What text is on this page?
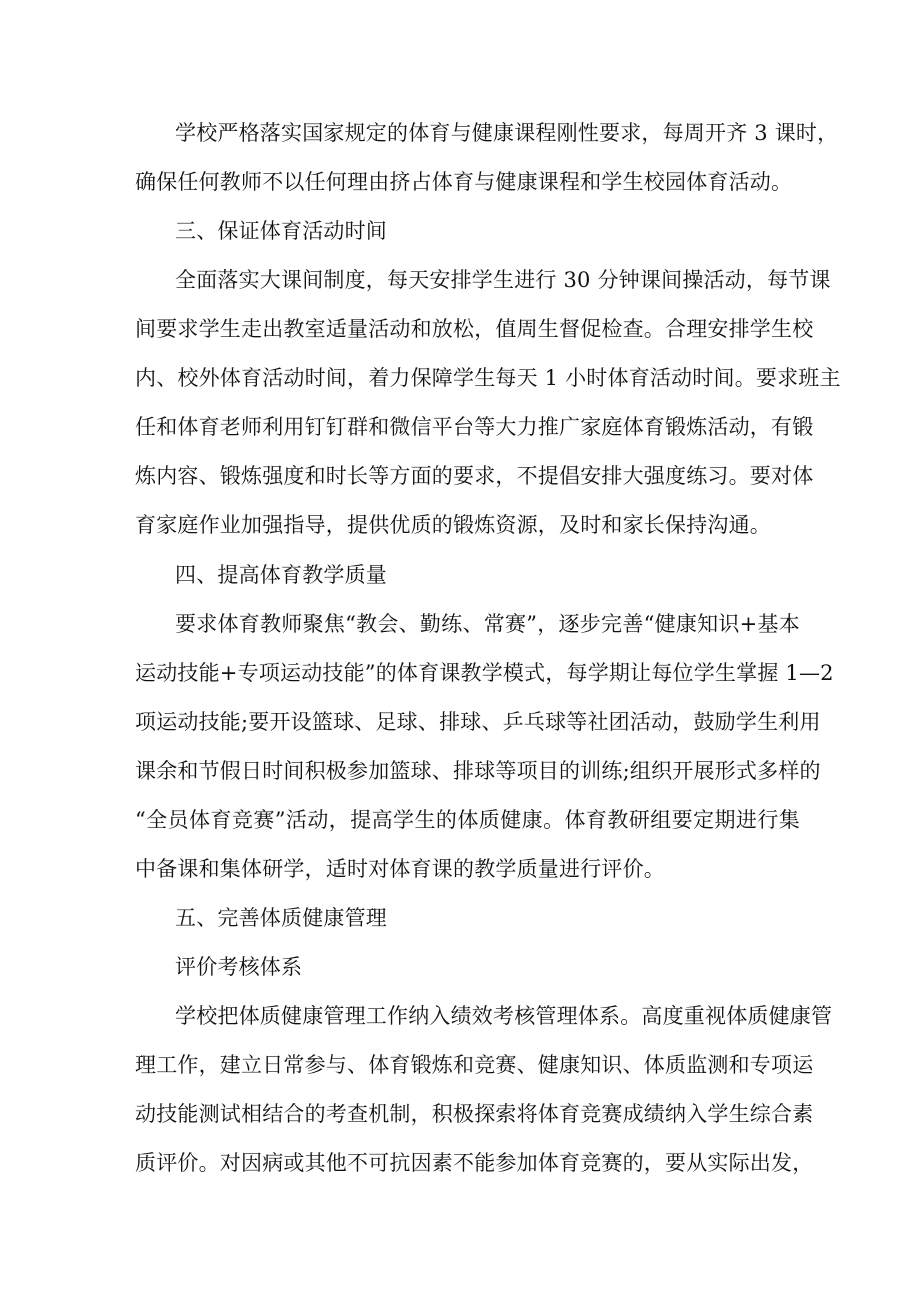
学校严格落实国家规定的体育与健康课程刚性要求，每周开齐 3 课时，
确保任何教师不以任何理由挤占体育与健康课程和学生校园体育活动。
三、保证体育活动时间
全面落实大课间制度，每天安排学生进行 30 分钟课间操活动，每节课
间要求学生走出教室适量活动和放松，值周生督促检查。合理安排学生校
内、校外体育活动时间，着力保障学生每天 1 小时体育活动时间。要求班主
任和体育老师利用钉钉群和微信平台等大力推广家庭体育锻炼活动，有锻
炼内容、锻炼强度和时长等方面的要求，不提倡安排大强度练习。要对体
育家庭作业加强指导，提供优质的锻炼资源，及时和家长保持沟通。
四、提高体育教学质量
要求体育教师聚焦“教会、勤练、常赛”，逐步完善“健康知识+基本
运动技能+专项运动技能”的体育课教学模式，每学期让每位学生掌握 1—2
项运动技能;要开设篮球、足球、排球、乒乓球等社团活动，鼓励学生利用
课余和节假日时间积极参加篮球、排球等项目的训练;组织开展形式多样的
“全员体育竞赛”活动，提高学生的体质健康。体育教研组要定期进行集
中备课和集体研学，适时对体育课的教学质量进行评价。
五、完善体质健康管理
评价考核体系
学校把体质健康管理工作纳入绩效考核管理体系。高度重视体质健康管
理工作，建立日常参与、体育锻炼和竞赛、健康知识、体质监测和专项运
动技能测试相结合的考查机制，积极探索将体育竞赛成绩纳入学生综合素
质评价。对因病或其他不可抗因素不能参加体育竞赛的，要从实际出发，
